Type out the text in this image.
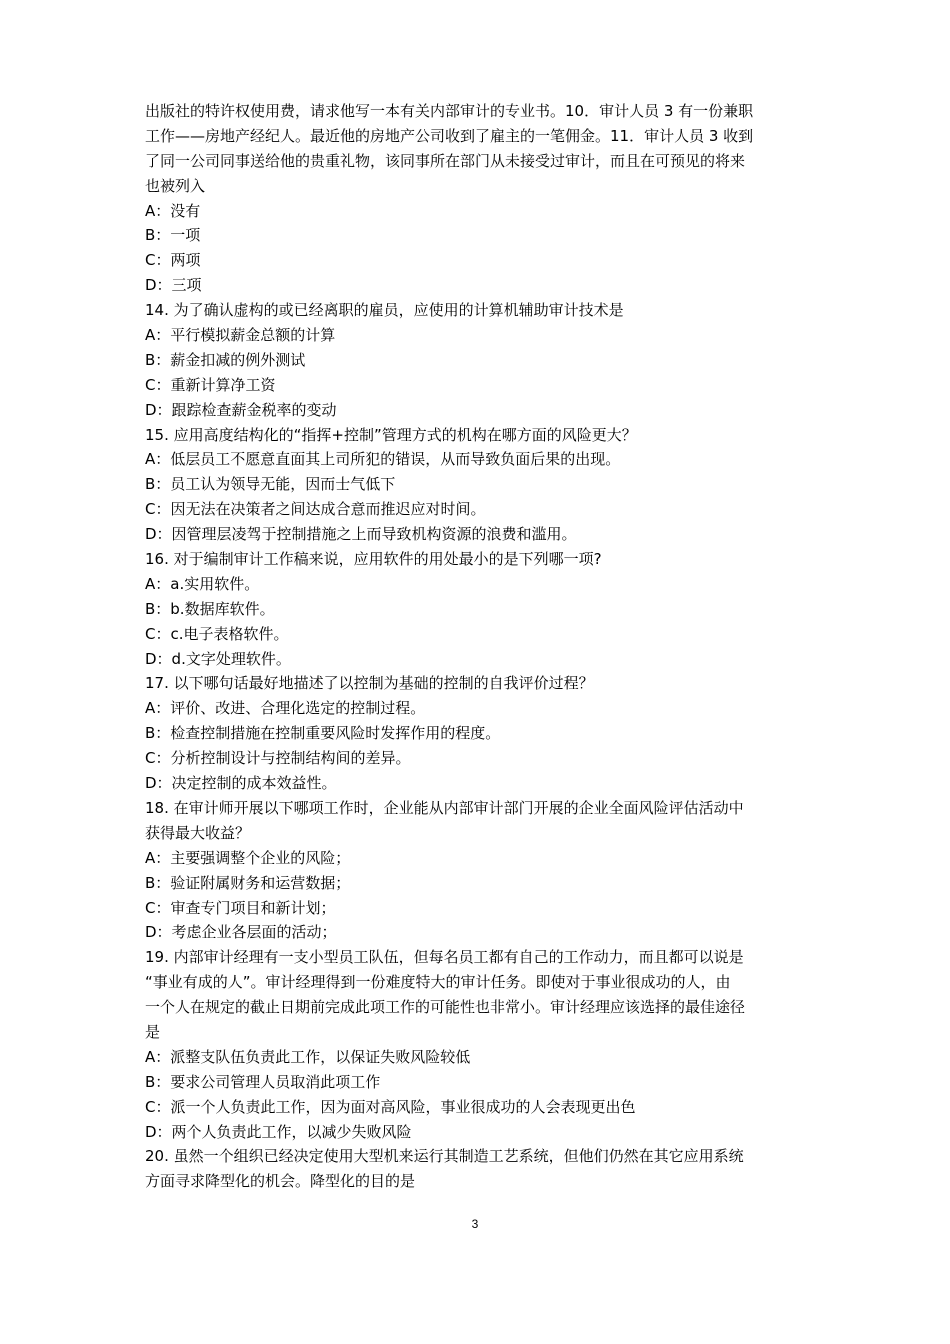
出版社的特许权使用费，请求他写一本有关内部审计的专业书。10．审计人员 3 有一份兼职
工作——房地产经纪人。最近他的房地产公司收到了雇主的一笔佣金。11．审计人员 3 收到
了同一公司同事送给他的贵重礼物，该同事所在部门从未接受过审计，而且在可预见的将来
也被列入
A：没有
B：一项
C：两项
D：三项
14. 为了确认虚构的或已经离职的雇员，应使用的计算机辅助审计技术是
A：平行模拟薪金总额的计算
B：薪金扣减的例外测试
C：重新计算净工资
D：跟踪检查薪金税率的变动
15. 应用高度结构化的“指挥+控制”管理方式的机构在哪方面的风险更大？
A：低层员工不愿意直面其上司所犯的错误，从而导致负面后果的出现。
B：员工认为领导无能，因而士气低下
C：因无法在决策者之间达成合意而推迟应对时间。
D：因管理层凌驾于控制措施之上而导致机构资源的浪费和滥用。
16. 对于编制审计工作稿来说，应用软件的用处最小的是下列哪一项?
A：a.实用软件。
B：b.数据库软件。
C：c.电子表格软件。
D：d.文字处理软件。
17. 以下哪句话最好地描述了以控制为基础的控制的自我评价过程？
A：评价、改进、合理化选定的控制过程。
B：检查控制措施在控制重要风险时发挥作用的程度。
C：分析控制设计与控制结构间的差异。
D：决定控制的成本效益性。
18. 在审计师开展以下哪项工作时，企业能从内部审计部门开展的企业全面风险评估活动中
获得最大收益？
A：主要强调整个企业的风险；
B：验证附属财务和运营数据；
C：审查专门项目和新计划；
D：考虑企业各层面的活动；
19. 内部审计经理有一支小型员工队伍，但每名员工都有自己的工作动力，而且都可以说是
“事业有成的人”。审计经理得到一份难度特大的审计任务。即使对于事业很成功的人，由
一个人在规定的截止日期前完成此项工作的可能性也非常小。审计经理应该选择的最佳途径
是
A：派整支队伍负责此工作，以保证失败风险较低
B：要求公司管理人员取消此项工作
C：派一个人负责此工作，因为面对高风险，事业很成功的人会表现更出色
D：两个人负责此工作，以减少失败风险
20. 虽然一个组织已经决定使用大型机来运行其制造工艺系统，但他们仍然在其它应用系统
方面寻求降型化的机会。降型化的目的是
3
